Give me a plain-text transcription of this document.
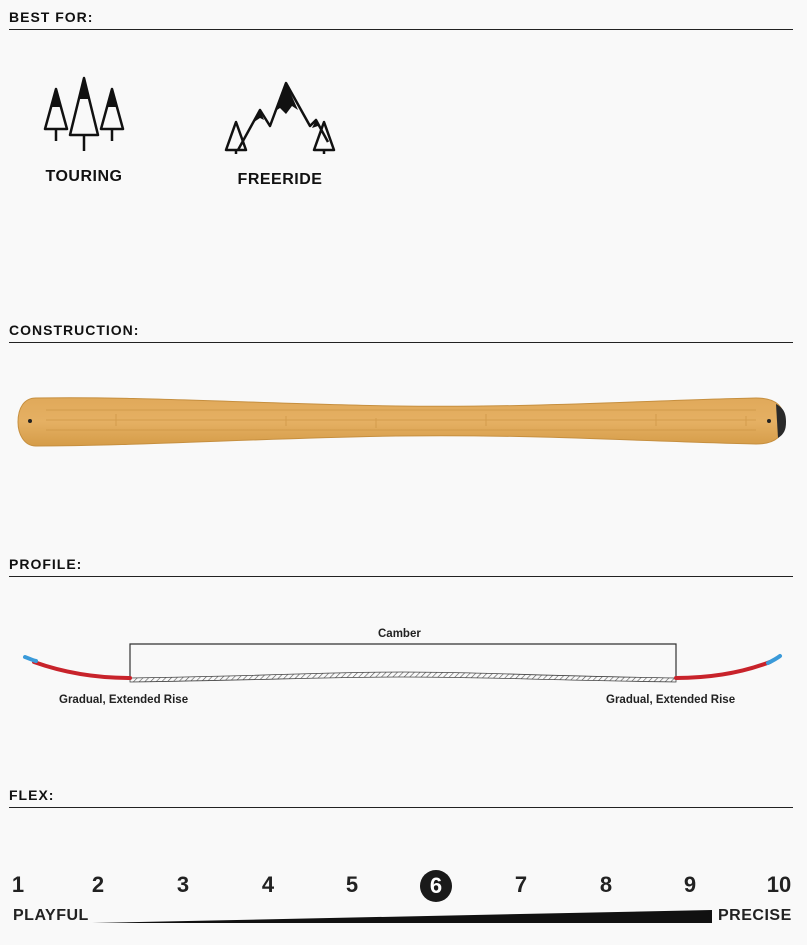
BEST FOR:
TOURING	FREERIDE
CONSTRUCTION:
PROFILE:
Camber
Gradual, Extended Rise	Gradual, Extended Rise
FLEX:
1	2	3	4	5	6	7	8	9	10
PLAYFUL	PRECISE
